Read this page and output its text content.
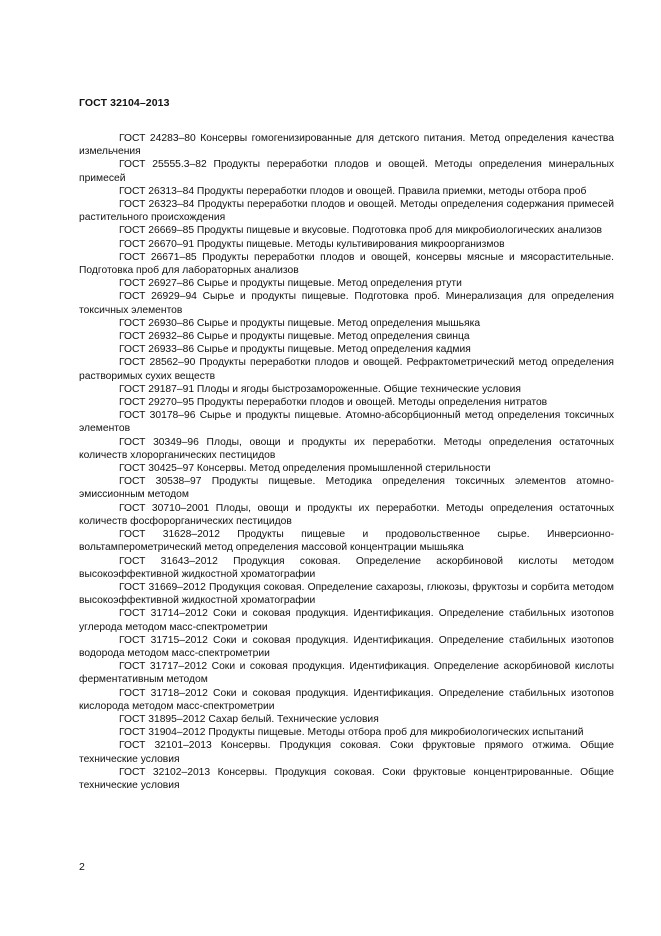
ГОСТ 32104–2013

ГОСТ 24283–80 Консервы гомогенизированные для детского питания. Метод определения качества измельчения

ГОСТ 25555.3–82 Продукты переработки плодов и овощей. Методы определения минеральных примесей

ГОСТ 26313–84 Продукты переработки плодов и овощей. Правила приемки, методы отбора проб

ГОСТ 26323–84 Продукты переработки плодов и овощей. Методы определения содержания примесей растительного происхождения

ГОСТ 26669–85 Продукты пищевые и вкусовые. Подготовка проб для микробиологических анализов

ГОСТ 26670–91 Продукты пищевые. Методы культивирования микроорганизмов

ГОСТ 26671–85 Продукты переработки плодов и овощей, консервы мясные и мясорастительные. Подготовка проб для лабораторных анализов

ГОСТ 26927–86 Сырье и продукты пищевые. Метод определения ртути

ГОСТ 26929–94 Сырье и продукты пищевые. Подготовка проб. Минерализация для определения токсичных элементов

ГОСТ 26930–86 Сырье и продукты пищевые. Метод определения мышьяка

ГОСТ 26932–86 Сырье и продукты пищевые. Метод определения свинца

ГОСТ 26933–86 Сырье и продукты пищевые. Метод определения кадмия

ГОСТ 28562–90 Продукты переработки плодов и овощей. Рефрактометрический метод определения растворимых сухих веществ

ГОСТ 29187–91 Плоды и ягоды быстрозамороженные. Общие технические условия

ГОСТ 29270–95 Продукты переработки плодов и овощей. Методы определения нитратов

ГОСТ 30178–96 Сырье и продукты пищевые. Атомно-абсорбционный метод определения токсичных элементов

ГОСТ 30349–96 Плоды, овощи и продукты их переработки. Методы определения остаточных количеств хлорорганических пестицидов

ГОСТ 30425–97 Консервы. Метод определения промышленной стерильности

ГОСТ 30538–97 Продукты пищевые. Методика определения токсичных элементов атомно-эмиссионным методом

ГОСТ 30710–2001 Плоды, овощи и продукты их переработки. Методы определения остаточных количеств фосфорорганических пестицидов

ГОСТ 31628–2012 Продукты пищевые и продовольственное сырье. Инверсионно-вольтамперометрический метод определения массовой концентрации мышьяка

ГОСТ 31643–2012 Продукция соковая. Определение аскорбиновой кислоты методом высокоэффективной жидкостной хроматографии

ГОСТ 31669–2012 Продукция соковая. Определение сахарозы, глюкозы, фруктозы и сорбита методом высокоэффективной жидкостной хроматографии

ГОСТ 31714–2012 Соки и соковая продукция. Идентификация. Определение стабильных изотопов углерода методом масс-спектрометрии

ГОСТ 31715–2012 Соки и соковая продукция. Идентификация. Определение стабильных изотопов водорода методом масс-спектрометрии

ГОСТ 31717–2012 Соки и соковая продукция. Идентификация. Определение аскорбиновой кислоты ферментативным методом

ГОСТ 31718–2012 Соки и соковая продукция. Идентификация. Определение стабильных изотопов кислорода методом масс-спектрометрии

ГОСТ 31895–2012 Сахар белый. Технические условия

ГОСТ 31904–2012 Продукты пищевые. Методы отбора проб для микробиологических испытаний

ГОСТ 32101–2013 Консервы. Продукция соковая. Соки фруктовые прямого отжима. Общие технические условия

ГОСТ 32102–2013 Консервы. Продукция соковая. Соки фруктовые концентрированные. Общие технические условия

2
